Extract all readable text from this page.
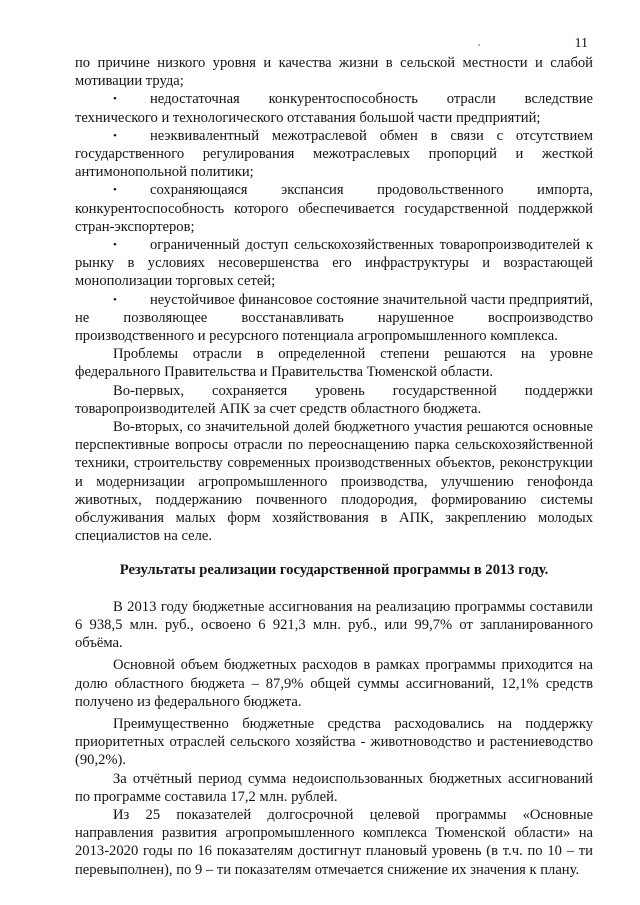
11

по причине низкого уровня и качества жизни в сельской местности и слабой мотивации труда;

• недостаточная конкурентоспособность отрасли вследствие технического и технологического отставания большой части предприятий;
• неэквивалентный межотраслевой обмен в связи с отсутствием государственного регулирования межотраслевых пропорций и жесткой антимонопольной политики;
• сохраняющаяся экспансия продовольственного импорта, конкурентоспособность которого обеспечивается государственной поддержкой стран-экспортеров;
• ограниченный доступ сельскохозяйственных товаропроизводителей к рынку в условиях несовершенства его инфраструктуры и возрастающей монополизации торговых сетей;
• неустойчивое финансовое состояние значительной части предприятий, не позволяющее восстанавливать нарушенное воспроизводство производственного и ресурсного потенциала агропромышленного комплекса.

Проблемы отрасли в определенной степени решаются на уровне федерального Правительства и Правительства Тюменской области.

Во-первых, сохраняется уровень государственной поддержки товаропроизводителей АПК за счет средств областного бюджета.

Во-вторых, со значительной долей бюджетного участия решаются основные перспективные вопросы отрасли по переоснащению парка сельскохозяйственной техники, строительству современных производственных объектов, реконструкции и модернизации агропромышленного производства, улучшению генофонда животных, поддержанию почвенного плодородия, формированию системы обслуживания малых форм хозяйствования в АПК, закреплению молодых специалистов на селе.

Результаты реализации государственной программы в 2013 году.

В 2013 году бюджетные ассигнования на реализацию программы составили 6 938,5 млн. руб., освоено 6 921,3 млн. руб., или 99,7% от запланированного объёма.

Основной объем бюджетных расходов в рамках программы приходится на долю областного бюджета – 87,9% общей суммы ассигнований, 12,1% средств получено из федерального бюджета.

Преимущественно бюджетные средства расходовались на поддержку приоритетных отраслей сельского хозяйства - животноводство и растениеводство (90,2%).

За отчётный период сумма недоиспользованных бюджетных ассигнований по программе составила 17,2 млн. рублей.

Из 25 показателей долгосрочной целевой программы «Основные направления развития агропромышленного комплекса Тюменской области» на 2013-2020 годы по 16 показателям достигнут плановый уровень (в т.ч. по 10 – ти перевыполнен), по 9 – ти показателям отмечается снижение их значения к плану.
